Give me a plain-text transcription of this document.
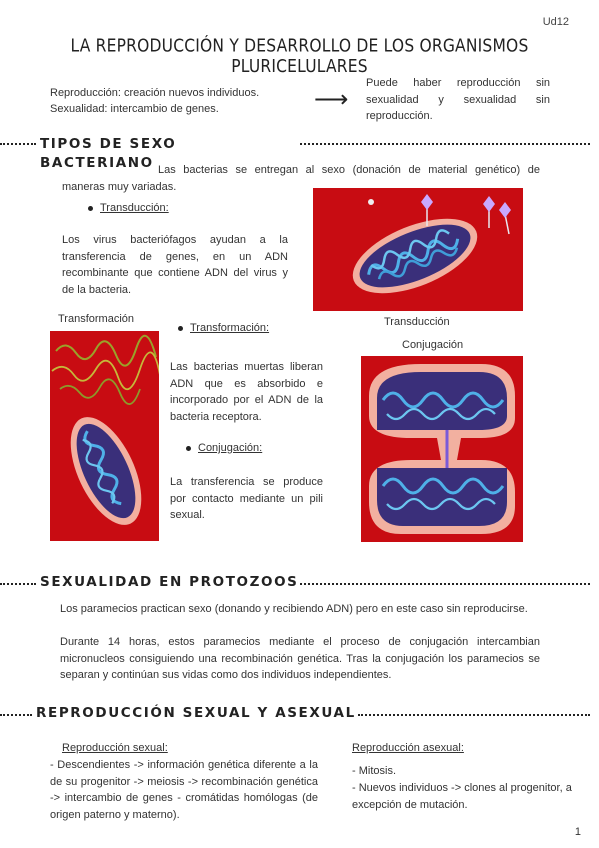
Ud12
LA REPRODUCCIÓN Y DESARROLLO DE LOS ORGANISMOS PLURICELULARES
Reproducción: creación nuevos individuos.
Sexualidad: intercambio de genes.	⟶
Puede haber reproducción sin sexualidad y sexualidad sin reproducción.
TIPOS DE SEXO BACTERIANO Las bacterias se entregan al sexo (donación de material genético) de maneras muy variadas.
Transducción:
Los virus bacteriófagos ayudan a la transferencia de genes, en un ADN recombinante que contiene ADN del virus y de la bacteria.
Transducción
Transformación
Transformación:
Las bacterias muertas liberan ADN que es absorbido e incorporado por el ADN de la bacteria receptora.
Conjugación:
La transferencia se produce por contacto mediante un pili sexual.
Conjugación
SEXUALIDAD EN PROTOZOOS
Los paramecios practican sexo (donando y recibiendo ADN) pero en este caso sin reproducirse.
Durante 14 horas, estos paramecios mediante el proceso de conjugación intercambian micronucleos consiguiendo una recombinación genética. Tras la conjugación los paramecios se separan y continúan sus vidas como dos individuos independientes.
REPRODUCCIÓN SEXUAL Y ASEXUAL
Reproducción sexual:
- Descendientes -> información genética diferente a la de su progenitor -> meiosis -> recombinación genética -> intercambio de genes - cromátidas homólogas (de origen paterno y materno).
Reproducción asexual:
- Mitosis.
- Nuevos individuos -> clones al progenitor, a excepción de mutación.
1
